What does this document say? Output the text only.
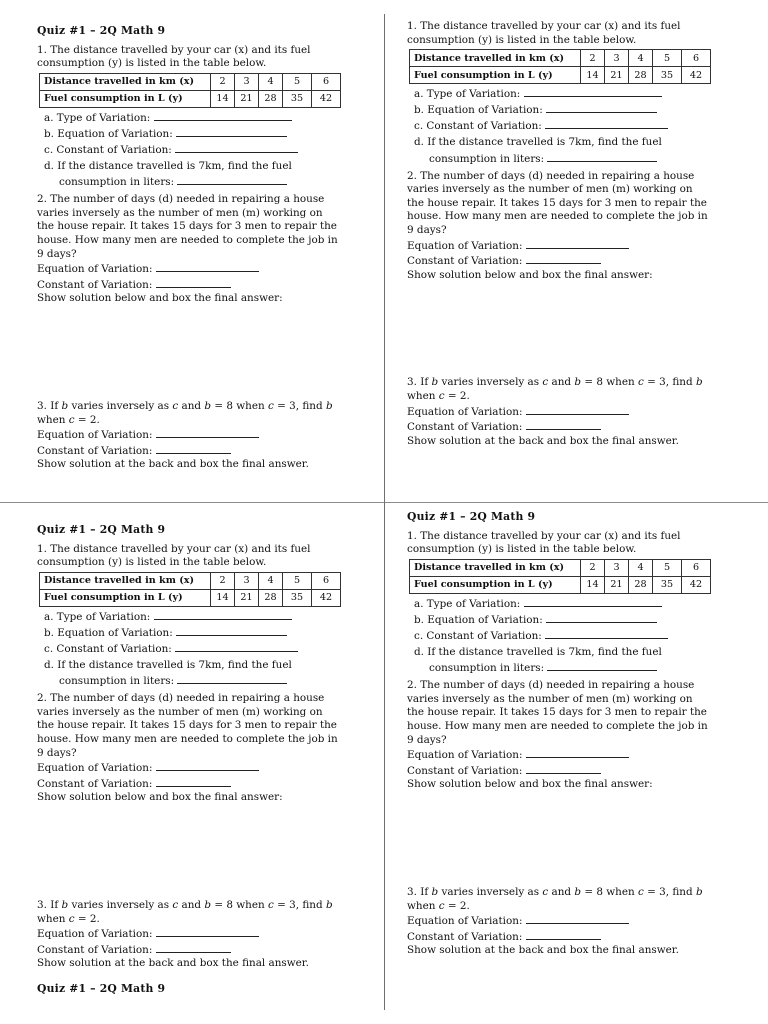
Quiz #1 – 2Q Math 9
1. The distance travelled by your car (x) and its fuel
consumption (y) is listed in the table below.
Distance travelled in km (x)	2	3	4	5	6
Fuel consumption in L (y)	14	21	28	35	42
a. Type of Variation:
b. Equation of Variation:
c. Constant of Variation:
d. If the distance travelled is 7km, find the fuel
consumption in liters:
2. The number of days (d) needed in repairing a house
varies inversely as the number of men (m) working on
the house repair. It takes 15 days for 3 men to repair the
house. How many men are needed to complete the job in
9 days?
Equation of Variation:
Constant of Variation:
Show solution below and box the final answer:
3. If b varies inversely as c and b = 8 when c = 3, find b
when c = 2.
Equation of Variation:
Constant of Variation:
Show solution at the back and box the final answer.
1. The distance travelled by your car (x) and its fuel
consumption (y) is listed in the table below.
Distance travelled in km (x)	2	3	4	5	6
Fuel consumption in L (y)	14	21	28	35	42
a. Type of Variation:
b. Equation of Variation:
c. Constant of Variation:
d. If the distance travelled is 7km, find the fuel
consumption in liters:
2. The number of days (d) needed in repairing a house
varies inversely as the number of men (m) working on
the house repair. It takes 15 days for 3 men to repair the
house. How many men are needed to complete the job in
9 days?
Equation of Variation:
Constant of Variation:
Show solution below and box the final answer:
3. If b varies inversely as c and b = 8 when c = 3, find b
when c = 2.
Equation of Variation:
Constant of Variation:
Show solution at the back and box the final answer.
Quiz #1 – 2Q Math 9
1. The distance travelled by your car (x) and its fuel
consumption (y) is listed in the table below.
Distance travelled in km (x)	2	3	4	5	6
Fuel consumption in L (y)	14	21	28	35	42
a. Type of Variation:
b. Equation of Variation:
c. Constant of Variation:
d. If the distance travelled is 7km, find the fuel
consumption in liters:
2. The number of days (d) needed in repairing a house
varies inversely as the number of men (m) working on
the house repair. It takes 15 days for 3 men to repair the
house. How many men are needed to complete the job in
9 days?
Equation of Variation:
Constant of Variation:
Show solution below and box the final answer:
3. If b varies inversely as c and b = 8 when c = 3, find b
when c = 2.
Equation of Variation:
Constant of Variation:
Show solution at the back and box the final answer.
Quiz #1 – 2Q Math 9
1. The distance travelled by your car (x) and its fuel
consumption (y) is listed in the table below.
Distance travelled in km (x)	2	3	4	5	6
Fuel consumption in L (y)	14	21	28	35	42
a. Type of Variation:
b. Equation of Variation:
c. Constant of Variation:
d. If the distance travelled is 7km, find the fuel
consumption in liters:
2. The number of days (d) needed in repairing a house
varies inversely as the number of men (m) working on
the house repair. It takes 15 days for 3 men to repair the
house. How many men are needed to complete the job in
9 days?
Equation of Variation:
Constant of Variation:
Show solution below and box the final answer:
3. If b varies inversely as c and b = 8 when c = 3, find b
when c = 2.
Equation of Variation:
Constant of Variation:
Show solution at the back and box the final answer.
Quiz #1 – 2Q Math 9
